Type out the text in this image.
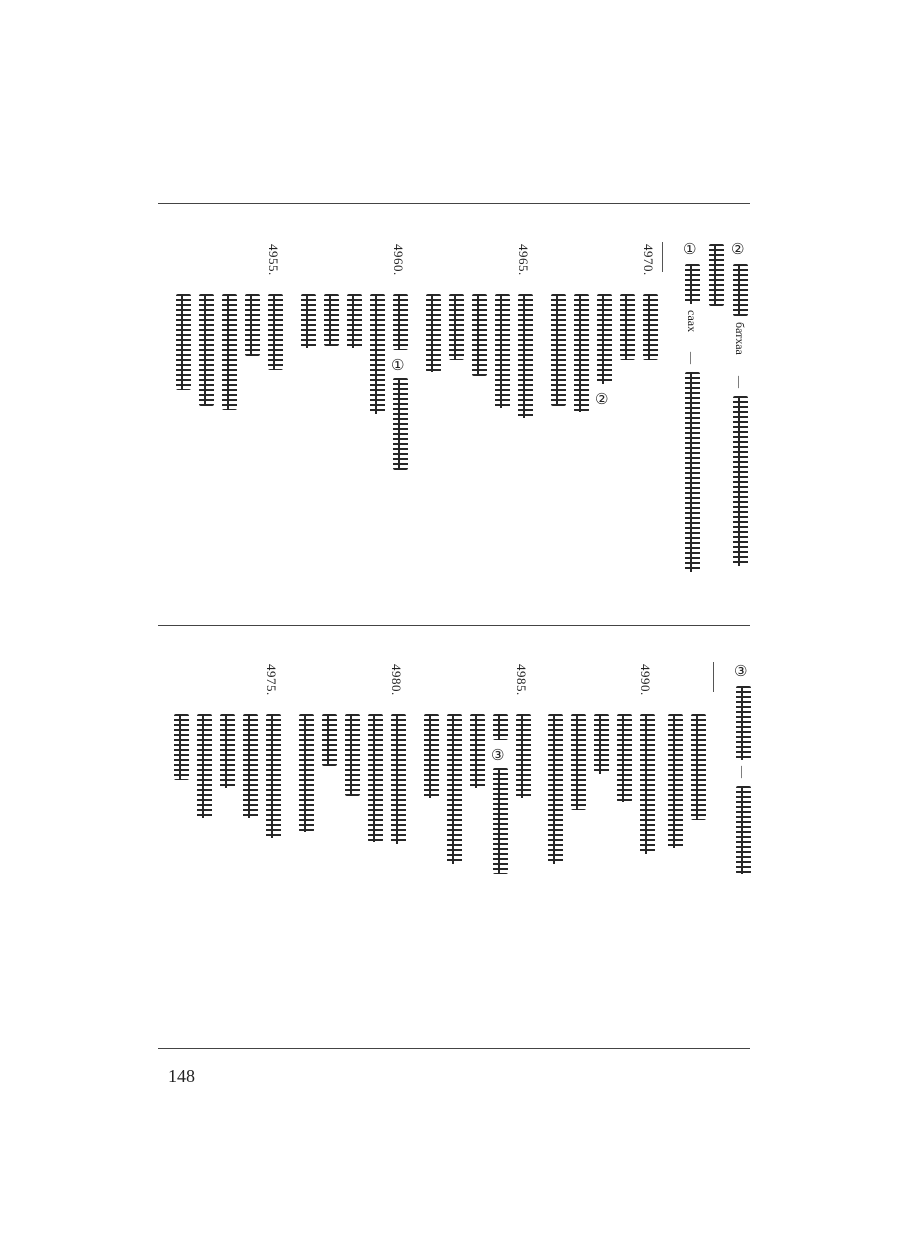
②
батхаа
—
①
саах
—
4970.
②
4965.
4960.
①
4955.
③
—
4990.
4985.
③
4980.
4975.
148
